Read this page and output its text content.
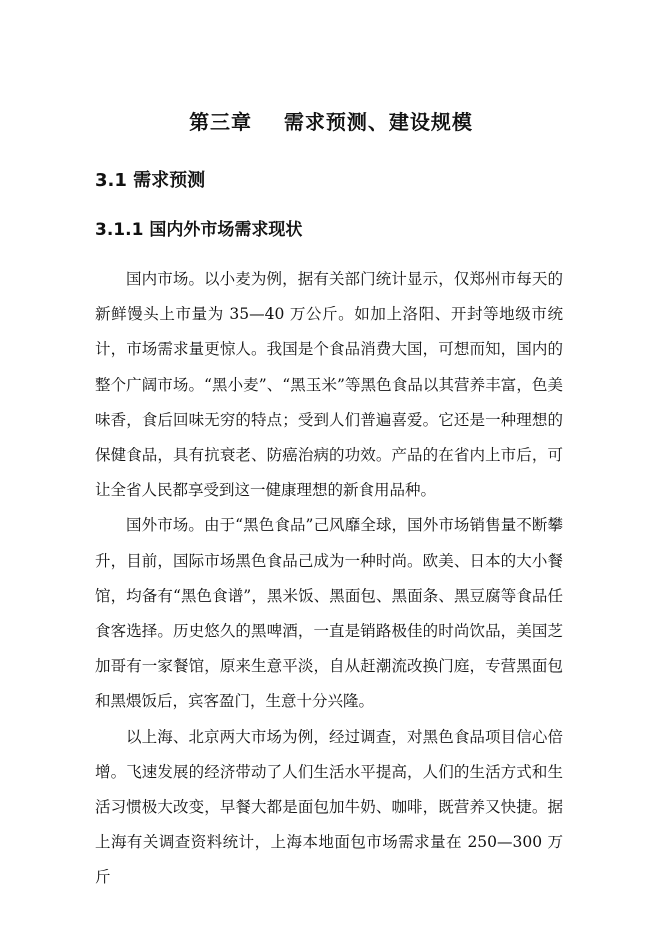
第三章    需求预测、建设规模
3.1 需求预测
3.1.1 国内外市场需求现状

国内市场。以小麦为例，据有关部门统计显示，仅郑州市每天的新鲜馒头上市量为 35—40 万公斤。如加上洛阳、开封等地级市统计，市场需求量更惊人。我国是个食品消费大国，可想而知，国内的整个广阔市场。“黑小麦”、“黑玉米”等黑色食品以其营养丰富，色美味香，食后回味无穷的特点；受到人们普遍喜爱。它还是一种理想的保健食品，具有抗衰老、防癌治病的功效。产品的在省内上市后，可让全省人民都享受到这一健康理想的新食用品种。

国外市场。由于“黑色食品”己风靡全球，国外市场销售量不断攀升，目前，国际市场黑色食品己成为一种时尚。欧美、日本的大小餐馆，均备有“黑色食谱”，黑米饭、黑面包、黑面条、黑豆腐等食品任食客选择。历史悠久的黑啤酒，一直是销路极佳的时尚饮品，美国芝加哥有一家餐馆，原来生意平淡，自从赶潮流改换门庭，专营黑面包和黑煨饭后，宾客盈门，生意十分兴隆。

以上海、北京两大市场为例，经过调查，对黑色食品项目信心倍增。飞速发展的经济带动了人们生活水平提高，人们的生活方式和生活习惯极大改变，早餐大都是面包加牛奶、咖啡，既营养又快捷。据上海有关调查资料统计，上海本地面包市场需求量在 250—300 万斤
